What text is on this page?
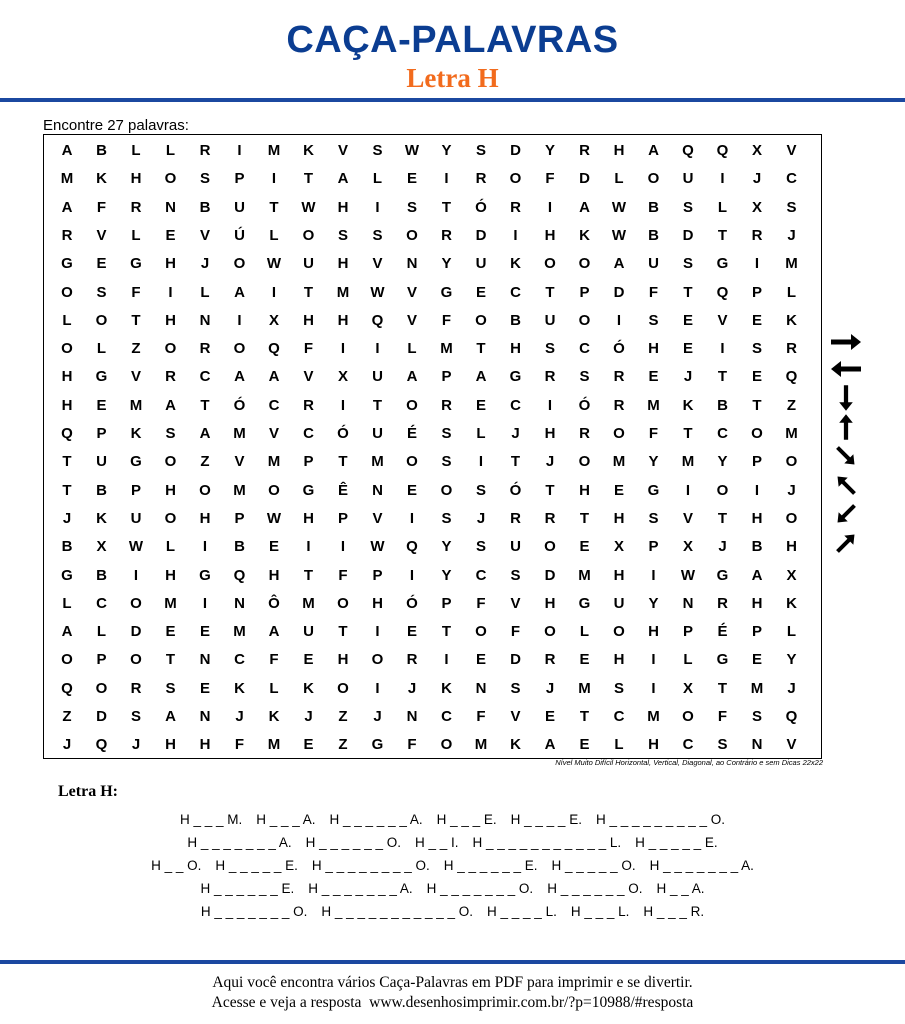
CAÇA-PALAVRAS
Letra H
Encontre 27 palavras:
A	B	L	L	R	I	M	K	V	S	W	Y	S	D	Y	R	H	A	Q	Q	X	V
M	K	H	O	S	P	I	T	A	L	E	I	R	O	F	D	L	O	U	I	J	C
A	F	R	N	B	U	T	W	H	I	S	T	Ó	R	I	A	W	B	S	L	X	S
R	V	L	E	V	Ú	L	O	S	S	O	R	D	I	H	K	W	B	D	T	R	J
G	E	G	H	J	O	W	U	H	V	N	Y	U	K	O	O	A	U	S	G	I	M
O	S	F	I	L	A	I	T	M	W	V	G	E	C	T	P	D	F	T	Q	P	L
L	O	T	H	N	I	X	H	H	Q	V	F	O	B	U	O	I	S	E	V	E	K
O	L	Z	O	R	O	Q	F	I	I	L	M	T	H	S	C	Ó	H	E	I	S	R
H	G	V	R	C	A	A	V	X	U	A	P	A	G	R	S	R	E	J	T	E	Q
H	E	M	A	T	Ó	C	R	I	T	O	R	E	C	I	Ó	R	M	K	B	T	Z
Q	P	K	S	A	M	V	C	Ó	U	É	S	L	J	H	R	O	F	T	C	O	M
T	U	G	O	Z	V	M	P	T	M	O	S	I	T	J	O	M	Y	M	Y	P	O
T	B	P	H	O	M	O	G	Ê	N	E	O	S	Ó	T	H	E	G	I	O	I	J
J	K	U	O	H	P	W	H	P	V	I	S	J	R	R	T	H	S	V	T	H	O
B	X	W	L	I	B	E	I	I	W	Q	Y	S	U	O	E	X	P	X	J	B	H
G	B	I	H	G	Q	H	T	F	P	I	Y	C	S	D	M	H	I	W	G	A	X
L	C	O	M	I	N	Ô	M	O	H	Ó	P	F	V	H	G	U	Y	N	R	H	K
A	L	D	E	E	M	A	U	T	I	E	T	O	F	O	L	O	H	P	É	P	L
O	P	O	T	N	C	F	E	H	O	R	I	E	D	R	E	H	I	L	G	E	Y
Q	O	R	S	E	K	L	K	O	I	J	K	N	S	J	M	S	I	X	T	M	J
Z	D	S	A	N	J	K	J	Z	J	N	C	F	V	E	T	C	M	O	F	S	Q
J	Q	J	H	H	F	M	E	Z	G	F	O	M	K	A	E	L	H	C	S	N	V
Nível Muito Difícil Horizontal, Vertical, Diagonal, ao Contrário e sem Dicas 22x22
Letra H:
H _ _ _ M. H _ _ _ A. H _ _ _ _ _ _ A. H _ _ _ E. H _ _ _ _ E. H _ _ _ _ _ _ _ _ _ O.
H _ _ _ _ _ _ _ A. H _ _ _ _ _ _ O. H _ _ I. H _ _ _ _ _ _ _ _ _ _ _ L. H _ _ _ _ _ E.
H _ _ O. H _ _ _ _ _ E. H _ _ _ _ _ _ _ _ O. H _ _ _ _ _ _ E. H _ _ _ _ _ O. H _ _ _ _ _ _ _ A.
H _ _ _ _ _ _ E. H _ _ _ _ _ _ _ A. H _ _ _ _ _ _ _ O. H _ _ _ _ _ _ O. H _ _ A.
H _ _ _ _ _ _ _ O. H _ _ _ _ _ _ _ _ _ _ _ O. H _ _ _ _ L. H _ _ _ L. H _ _ _ R.
Aqui você encontra vários Caça-Palavras em PDF para imprimir e se divertir.
Acesse e veja a resposta  www.desenhosimprimir.com.br/?p=10988/#resposta
